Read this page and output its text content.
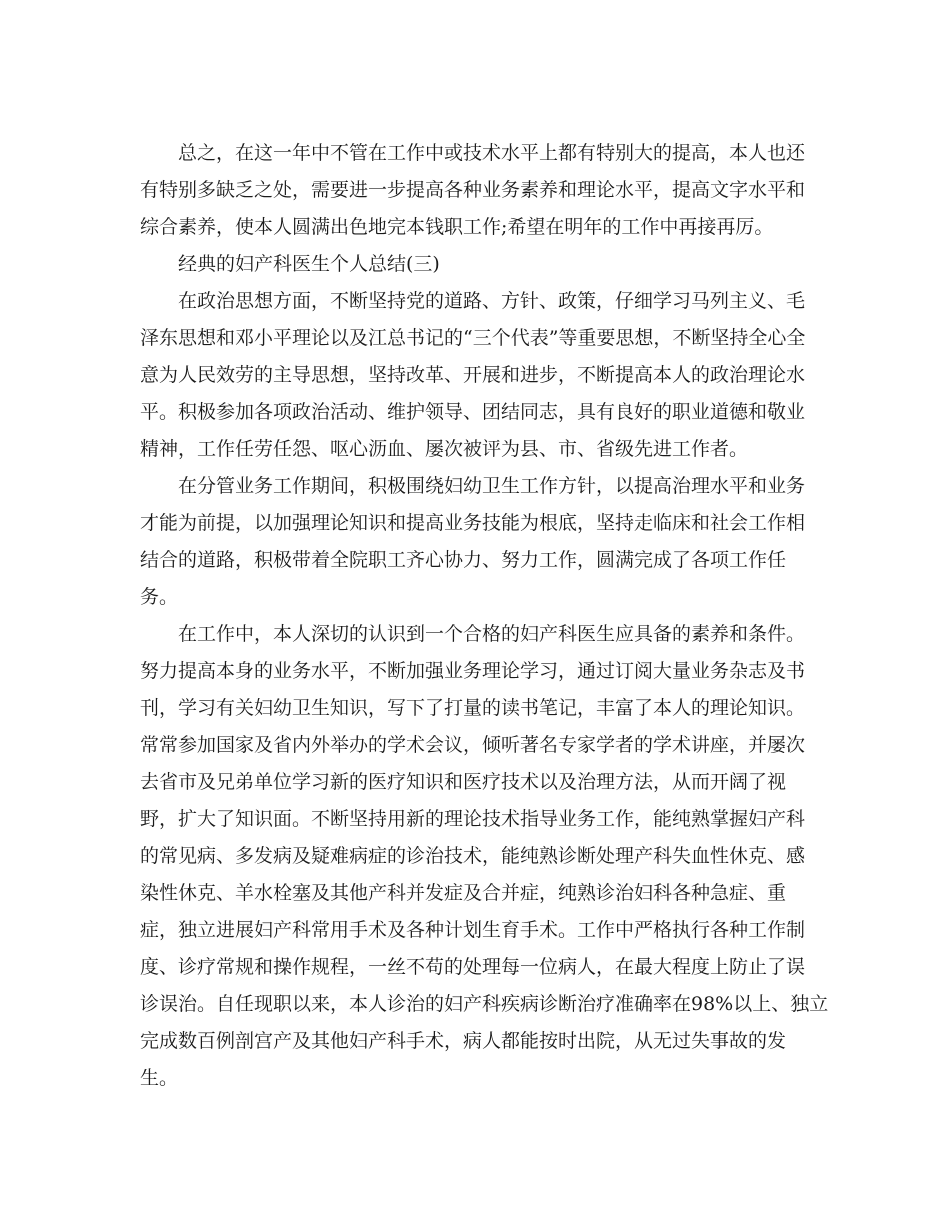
总之，在这一年中不管在工作中或技术水平上都有特别大的提高，本人也还
有特别多缺乏之处，需要进一步提高各种业务素养和理论水平，提高文字水平和
综合素养，使本人圆满出色地完本钱职工作;希望在明年的工作中再接再厉。
经典的妇产科医生个人总结(三)
在政治思想方面，不断坚持党的道路、方针、政策，仔细学习马列主义、毛
泽东思想和邓小平理论以及江总书记的“三个代表”等重要思想，不断坚持全心全
意为人民效劳的主导思想，坚持改革、开展和进步，不断提高本人的政治理论水
平。积极参加各项政治活动、维护领导、团结同志，具有良好的职业道德和敬业
精神，工作任劳任怨、呕心沥血、屡次被评为县、市、省级先进工作者。
在分管业务工作期间，积极围绕妇幼卫生工作方针，以提高治理水平和业务
才能为前提，以加强理论知识和提高业务技能为根底，坚持走临床和社会工作相
结合的道路，积极带着全院职工齐心协力、努力工作，圆满完成了各项工作任
务。
在工作中，本人深切的认识到一个合格的妇产科医生应具备的素养和条件。
努力提高本身的业务水平，不断加强业务理论学习，通过订阅大量业务杂志及书
刊，学习有关妇幼卫生知识，写下了打量的读书笔记，丰富了本人的理论知识。
常常参加国家及省内外举办的学术会议，倾听著名专家学者的学术讲座，并屡次
去省市及兄弟单位学习新的医疗知识和医疗技术以及治理方法，从而开阔了视
野，扩大了知识面。不断坚持用新的理论技术指导业务工作，能纯熟掌握妇产科
的常见病、多发病及疑难病症的诊治技术，能纯熟诊断处理产科失血性休克、感
染性休克、羊水栓塞及其他产科并发症及合并症，纯熟诊治妇科各种急症、重
症，独立进展妇产科常用手术及各种计划生育手术。工作中严格执行各种工作制
度、诊疗常规和操作规程，一丝不苟的处理每一位病人，在最大程度上防止了误
诊误治。自任现职以来，本人诊治的妇产科疾病诊断治疗准确率在98%以上、独立
完成数百例剖宫产及其他妇产科手术，病人都能按时出院，从无过失事故的发
生。
